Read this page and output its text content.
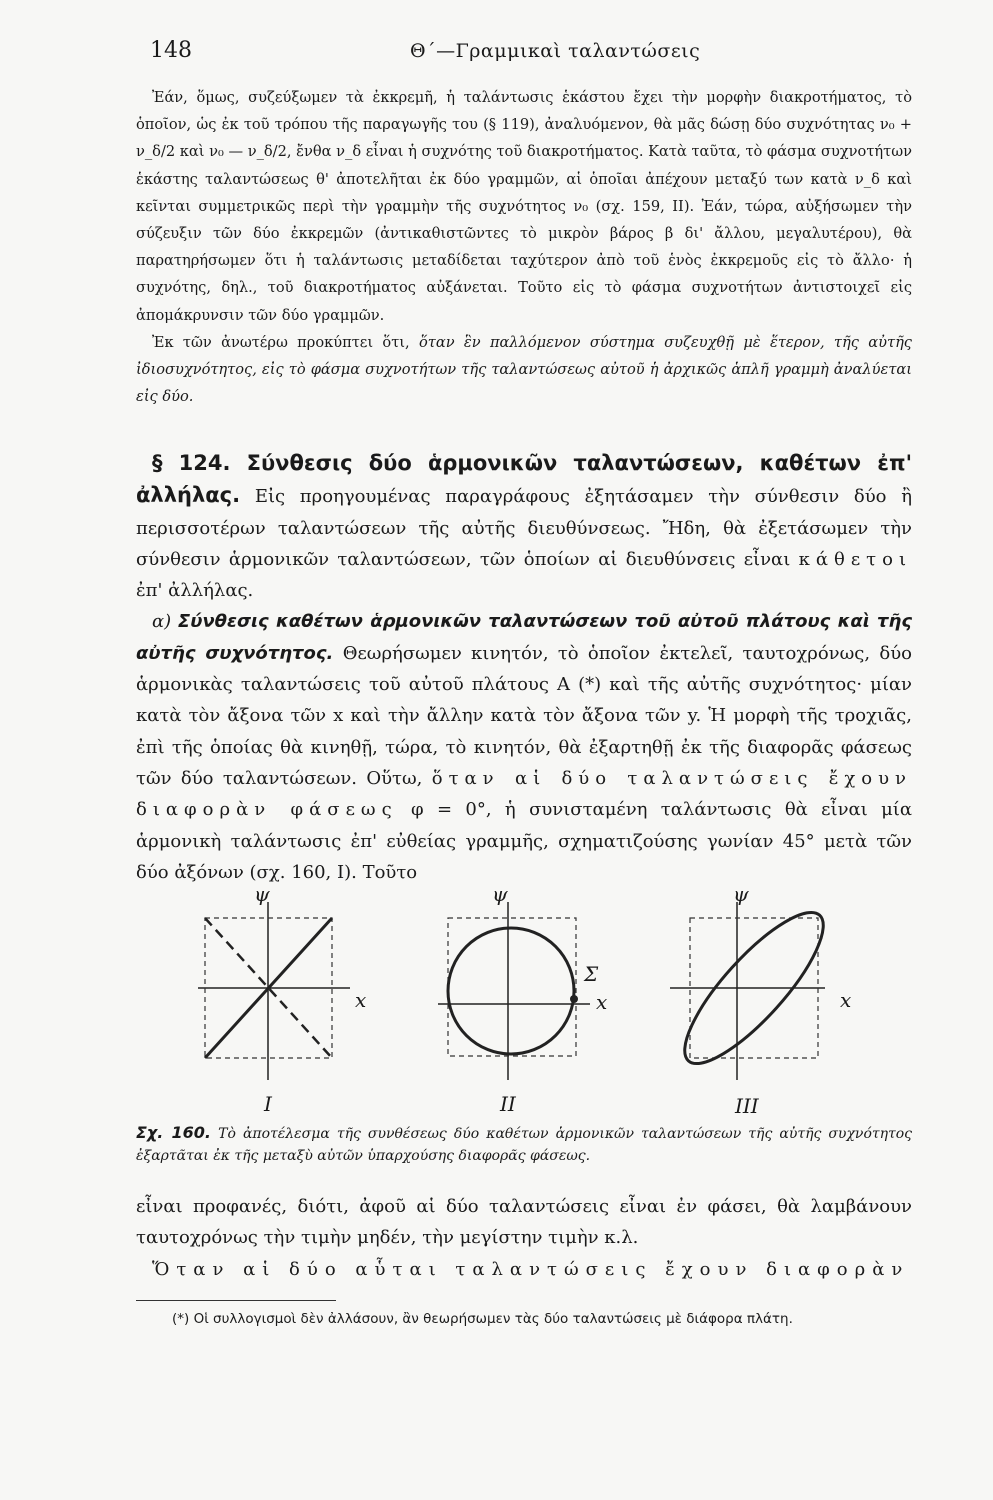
148	Θ΄—Γραμμικαὶ ταλαντώσεις

Ἐάν, ὅμως, συζεύξωμεν τὰ ἐκκρεμῆ, ἡ ταλάντωσις ἑκάστου ἔχει τὴν μορφὴν διακροτήματος, τὸ ὁποῖον, ὡς ἐκ τοῦ τρόπου τῆς παραγωγῆς του (§ 119), ἀναλυόμενον, θὰ μᾶς δώσῃ δύο συχνότητας ν₀ + ν_δ/2 καὶ ν₀ — ν_δ/2, ἔνθα ν_δ εἶναι ἡ συχνότης τοῦ διακροτήματος. Κατὰ ταῦτα, τὸ φάσμα συχνοτήτων ἑκάστης ταλαντώσεως θ' ἀποτελῆται ἐκ δύο γραμμῶν, αἱ ὁποῖαι ἀπέχουν μεταξύ των κατὰ ν_δ καὶ κεῖνται συμμετρικῶς περὶ τὴν γραμμὴν τῆς συχνότητος ν₀ (σχ. 159, II). Ἐάν, τώρα, αὐξήσωμεν τὴν σύζευξιν τῶν δύο ἐκκρεμῶν (ἀντικαθιστῶντες τὸ μικρὸν βάρος β δι' ἄλλου, μεγαλυτέρου), θὰ παρατηρήσωμεν ὅτι ἡ ταλάντωσις μεταδίδεται ταχύτερον ἀπὸ τοῦ ἑνὸς ἐκκρεμοῦς εἰς τὸ ἄλλο· ἡ συχνότης, δηλ., τοῦ διακροτήματος αὐξάνεται. Τοῦτο εἰς τὸ φάσμα συχνοτήτων ἀντιστοιχεῖ εἰς ἀπομάκρυνσιν τῶν δύο γραμμῶν.

Ἐκ τῶν ἀνωτέρω προκύπτει ὅτι, ὅταν ἓν παλλόμενον σύστημα συζευχθῇ μὲ ἕτερον, τῆς αὐτῆς ἰδιοσυχνότητος, εἰς τὸ φάσμα συχνοτήτων τῆς ταλαντώσεως αὐτοῦ ἡ ἀρχικῶς ἁπλῆ γραμμὴ ἀναλύεται εἰς δύο.

§ 124. Σύνθεσις δύο ἁρμονικῶν ταλαντώσεων, καθέτων ἐπ' ἀλλήλας. Εἰς προηγουμένας παραγράφους ἐξητάσαμεν τὴν σύνθεσιν δύο ἢ περισσοτέρων ταλαντώσεων τῆς αὐτῆς διευθύνσεως. Ἤδη, θὰ ἐξετάσωμεν τὴν σύνθεσιν ἁρμονικῶν ταλαντώσεων, τῶν ὁποίων αἱ διευθύνσεις εἶναι κάθετοι ἐπ' ἀλλήλας.

α) Σύνθεσις καθέτων ἁρμονικῶν ταλαντώσεων τοῦ αὐτοῦ πλάτους καὶ τῆς αὐτῆς συχνότητος. Θεωρήσωμεν κινητόν, τὸ ὁποῖον ἐκτελεῖ, ταυτοχρόνως, δύο ἁρμονικὰς ταλαντώσεις τοῦ αὐτοῦ πλάτους A (*) καὶ τῆς αὐτῆς συχνότητος· μίαν κατὰ τὸν ἄξονα τῶν x καὶ τὴν ἄλλην κατὰ τὸν ἄξονα τῶν y. Ἡ μορφὴ τῆς τροχιᾶς, ἐπὶ τῆς ὁποίας θὰ κινηθῇ, τώρα, τὸ κινητόν, θὰ ἐξαρτηθῇ ἐκ τῆς διαφορᾶς φάσεως τῶν δύο ταλαντώσεων. Οὕτω, ὅταν αἱ δύο ταλαντώσεις ἔχουν διαφορὰν φάσεως φ = 0°, ἡ συνισταμένη ταλάντωσις θὰ εἶναι μία ἁρμονικὴ ταλάντωσις ἐπ' εὐθείας γραμμῆς, σχηματιζούσης γωνίαν 45° μετὰ τῶν δύο ἀξόνων (σχ. 160, I). Τοῦτο

ψ
x
I
ψ
Σ
x
II
ψ
x
III
Σχ. 160. Τὸ ἀποτέλεσμα τῆς συνθέσεως δύο καθέτων ἁρμονικῶν ταλαντώσεων τῆς αὐτῆς συχνότητος ἐξαρτᾶται ἐκ τῆς μεταξὺ αὐτῶν ὑπαρχούσης διαφορᾶς φάσεως.

εἶναι προφανές, διότι, ἀφοῦ αἱ δύο ταλαντώσεις εἶναι ἐν φάσει, θὰ λαμβάνουν ταυτοχρόνως τὴν τιμὴν μηδέν, τὴν μεγίστην τιμὴν κ.λ.

Ὅταν αἱ δύο αὗται ταλαντώσεις ἔχουν διαφορὰν

(*) Οἱ συλλογισμοὶ δὲν ἀλλάσουν, ἂν θεωρήσωμεν τὰς δύο ταλαντώσεις μὲ διάφορα πλάτη.
